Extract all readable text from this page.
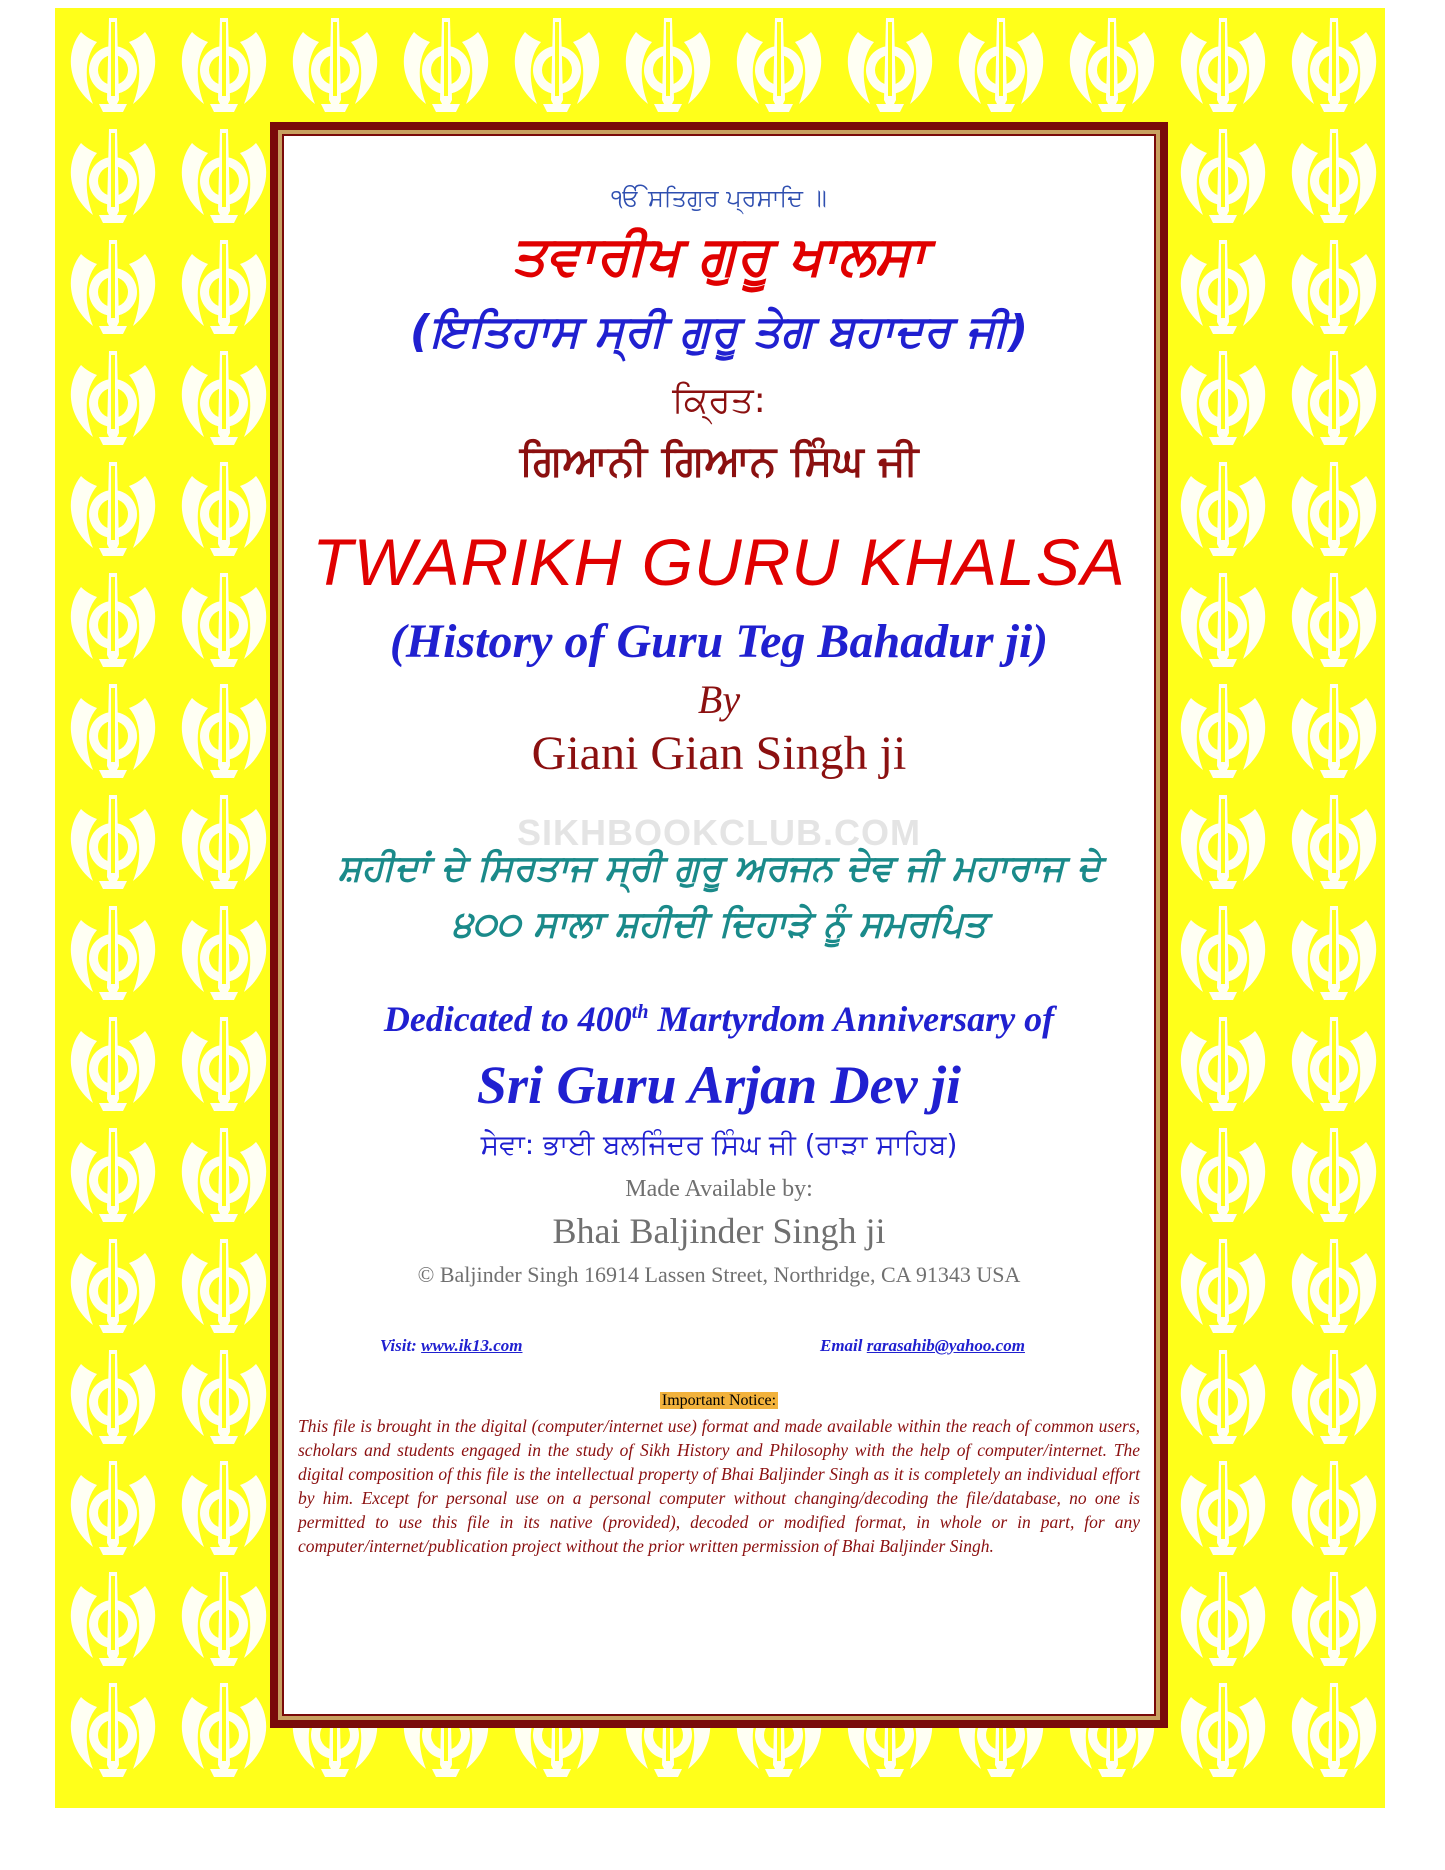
ੴ ਸਤਿਗੁਰ ਪ੍ਰਸਾਦਿ ॥
ਤਵਾਰੀਖ ਗੁਰੂ ਖਾਲਸਾ
(ਇਤਿਹਾਸ ਸ੍ਰੀ ਗੁਰੂ ਤੇਗ ਬਹਾਦਰ ਜੀ)
ਕ੍ਰਿਤ:
ਗਿਆਨੀ ਗਿਆਨ ਸਿੰਘ ਜੀ
TWARIKH GURU KHALSA
(History of Guru Teg Bahadur ji)
By
Giani Gian Singh ji
SIKHBOOKCLUB.COM
ਸ਼ਹੀਦਾਂ ਦੇ ਸਿਰਤਾਜ ਸ੍ਰੀ ਗੁਰੂ ਅਰਜਨ ਦੇਵ ਜੀ ਮਹਾਰਾਜ ਦੇ
੪੦੦ ਸਾਲਾ ਸ਼ਹੀਦੀ ਦਿਹਾੜੇ ਨੂੰ ਸਮਰਪਿਤ
Dedicated to 400th Martyrdom Anniversary of
Sri Guru Arjan Dev ji
ਸੇਵਾ: ਭਾਈ ਬਲਜਿੰਦਰ ਸਿੰਘ ਜੀ (ਰਾੜਾ ਸਾਹਿਬ)
Made Available by:
Bhai Baljinder Singh ji
© Baljinder Singh 16914 Lassen Street, Northridge, CA 91343 USA
Visit: www.ik13.com	Email rarasahib@yahoo.com
Important Notice:
This file is brought in the digital (computer/internet use) format and made available within the reach of common users, scholars and students engaged in the study of Sikh History and Philosophy with the help of computer/internet. The digital composition of this file is the intellectual property of Bhai Baljinder Singh as it is completely an individual effort by him. Except for personal use on a personal computer without changing/decoding the file/database, no one is permitted to use this file in its native (provided), decoded or modified format, in whole or in part, for any computer/internet/publication project without the prior written permission of Bhai Baljinder Singh.
